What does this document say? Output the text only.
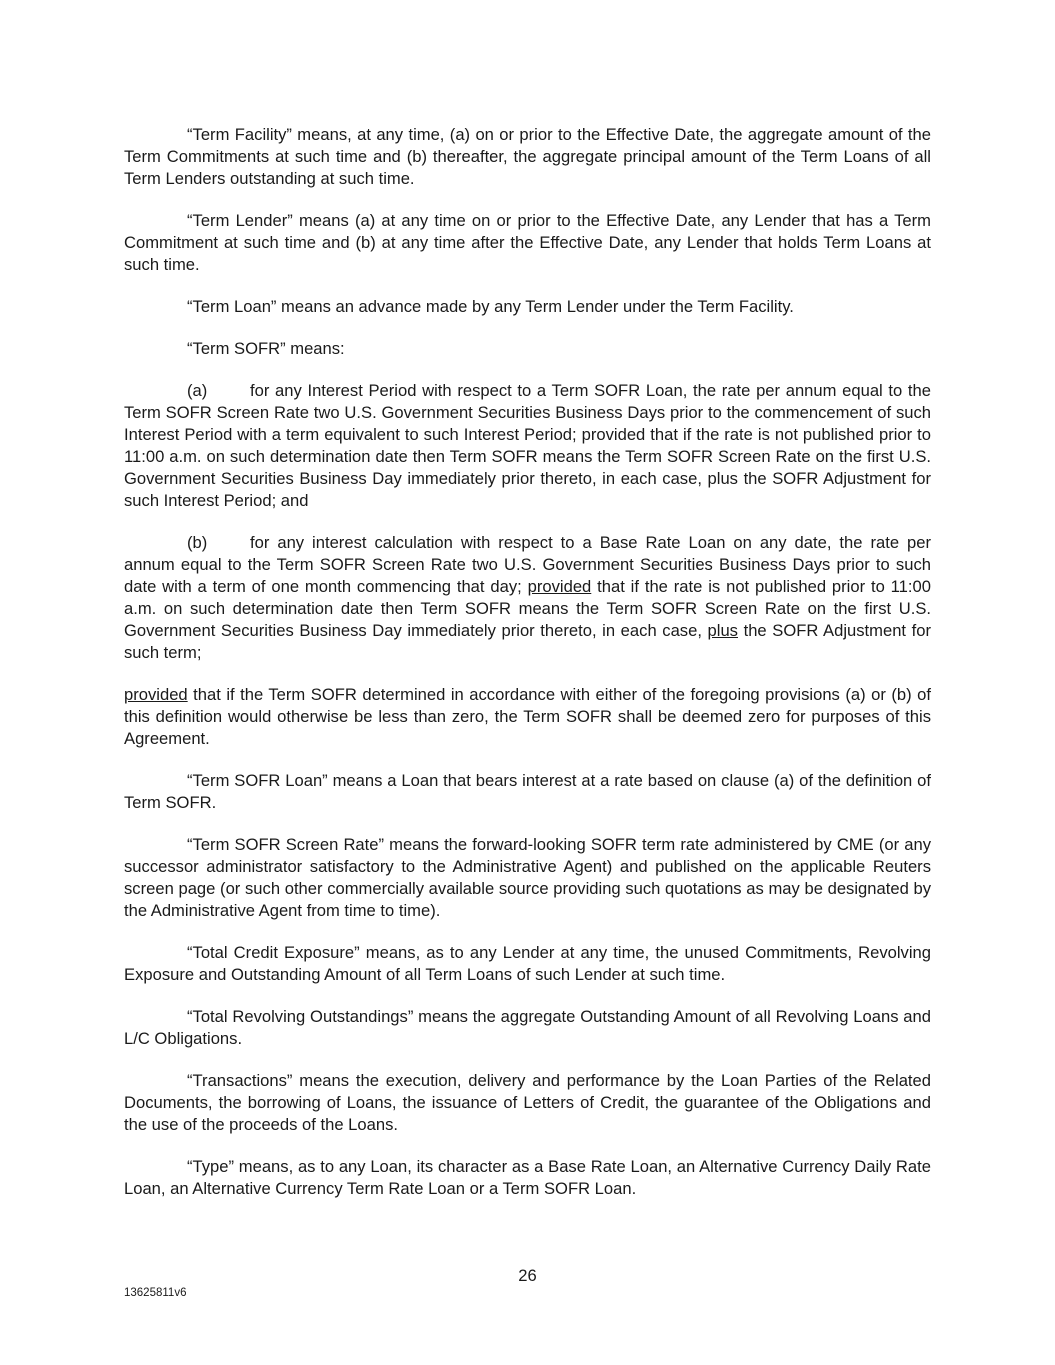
“Term Facility” means, at any time, (a) on or prior to the Effective Date, the aggregate amount of the Term Commitments at such time and (b) thereafter, the aggregate principal amount of the Term Loans of all Term Lenders outstanding at such time.

“Term Lender” means (a) at any time on or prior to the Effective Date, any Lender that has a Term Commitment at such time and (b) at any time after the Effective Date, any Lender that holds Term Loans at such time.

“Term Loan” means an advance made by any Term Lender under the Term Facility.

“Term SOFR” means:

(a)	for any Interest Period with respect to a Term SOFR Loan, the rate per annum equal to the Term SOFR Screen Rate two U.S. Government Securities Business Days prior to the commencement of such Interest Period with a term equivalent to such Interest Period; provided that if the rate is not published prior to 11:00 a.m. on such determination date then Term SOFR means the Term SOFR Screen Rate on the first U.S. Government Securities Business Day immediately prior thereto, in each case, plus the SOFR Adjustment for such Interest Period; and

(b)	for any interest calculation with respect to a Base Rate Loan on any date, the rate per annum equal to the Term SOFR Screen Rate two U.S. Government Securities Business Days prior to such date with a term of one month commencing that day; provided that if the rate is not published prior to 11:00 a.m. on such determination date then Term SOFR means the Term SOFR Screen Rate on the first U.S. Government Securities Business Day immediately prior thereto, in each case, plus the SOFR Adjustment for such term;

provided that if the Term SOFR determined in accordance with either of the foregoing provisions (a) or (b) of this definition would otherwise be less than zero, the Term SOFR shall be deemed zero for purposes of this Agreement.

“Term SOFR Loan” means a Loan that bears interest at a rate based on clause (a) of the definition of Term SOFR.

“Term SOFR Screen Rate” means the forward-looking SOFR term rate administered by CME (or any successor administrator satisfactory to the Administrative Agent) and published on the applicable Reuters screen page (or such other commercially available source providing such quotations as may be designated by the Administrative Agent from time to time).

“Total Credit Exposure” means, as to any Lender at any time, the unused Commitments, Revolving Exposure and Outstanding Amount of all Term Loans of such Lender at such time.

“Total Revolving Outstandings” means the aggregate Outstanding Amount of all Revolving Loans and L/C Obligations.

“Transactions” means the execution, delivery and performance by the Loan Parties of the Related Documents, the borrowing of Loans, the issuance of Letters of Credit, the guarantee of the Obligations and the use of the proceeds of the Loans.

“Type” means, as to any Loan, its character as a Base Rate Loan, an Alternative Currency Daily Rate Loan, an Alternative Currency Term Rate Loan or a Term SOFR Loan.

26
13625811v6
